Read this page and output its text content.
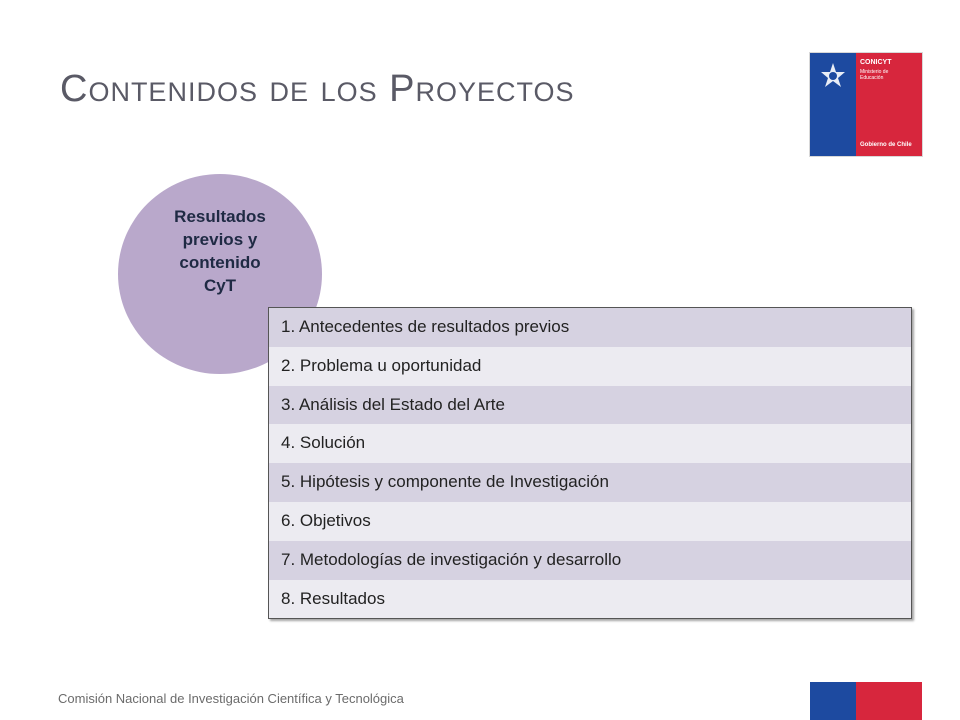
Contenidos de los Proyectos
CONICYT
Ministerio de
Educación
Gobierno de Chile
Resultados
previos y
contenido
CyT
1. Antecedentes de resultados previos
2. Problema u oportunidad
3. Análisis del Estado del Arte
4. Solución
5. Hipótesis y componente de Investigación
6. Objetivos
7. Metodologías de investigación y desarrollo
8. Resultados
Comisión Nacional de Investigación Científica y Tecnológica
